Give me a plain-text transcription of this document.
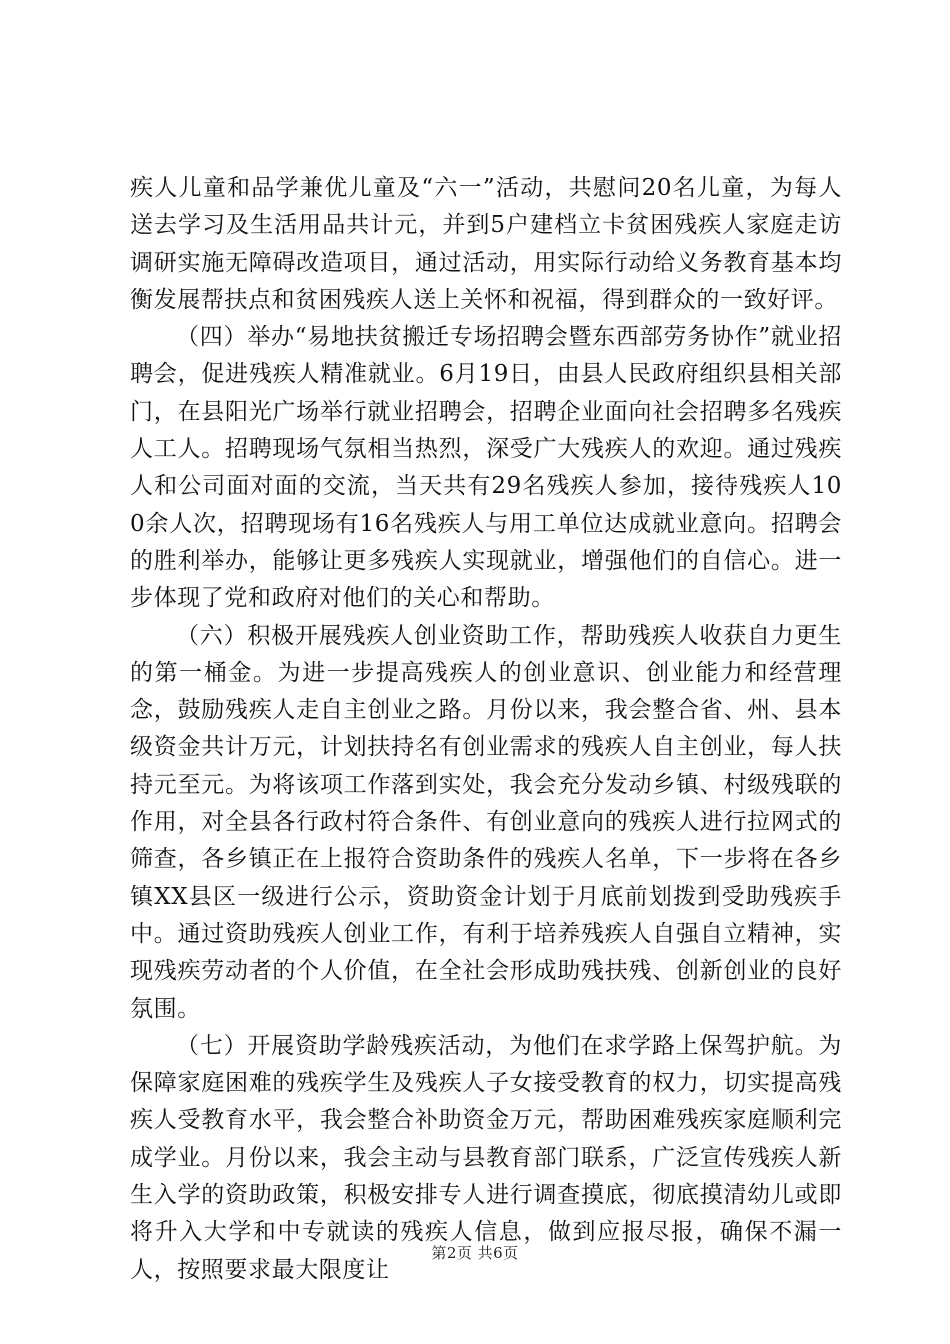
疾人儿童和品学兼优儿童及“六一”活动，共慰问20名儿童，为每人送去学习及生活用品共计元，并到5户建档立卡贫困残疾人家庭走访调研实施无障碍改造项目，通过活动，用实际行动给义务教育基本均衡发展帮扶点和贫困残疾人送上关怀和祝福，得到群众的一致好评。

（四）举办“易地扶贫搬迁专场招聘会暨东西部劳务协作”就业招聘会，促进残疾人精准就业。6月19日，由县人民政府组织县相关部门，在县阳光广场举行就业招聘会，招聘企业面向社会招聘多名残疾人工人。招聘现场气氛相当热烈，深受广大残疾人的欢迎。通过残疾人和公司面对面的交流，当天共有29名残疾人参加，接待残疾人100余人次，招聘现场有16名残疾人与用工单位达成就业意向。招聘会的胜利举办，能够让更多残疾人实现就业，增强他们的自信心。进一步体现了党和政府对他们的关心和帮助。

（六）积极开展残疾人创业资助工作，帮助残疾人收获自力更生的第一桶金。为进一步提高残疾人的创业意识、创业能力和经营理念，鼓励残疾人走自主创业之路。月份以来，我会整合省、州、县本级资金共计万元，计划扶持名有创业需求的残疾人自主创业，每人扶持元至元。为将该项工作落到实处，我会充分发动乡镇、村级残联的作用，对全县各行政村符合条件、有创业意向的残疾人进行拉网式的筛查，各乡镇正在上报符合资助条件的残疾人名单，下一步将在各乡镇XX县区一级进行公示，资助资金计划于月底前划拨到受助残疾手中。通过资助残疾人创业工作，有利于培养残疾人自强自立精神，实现残疾劳动者的个人价值，在全社会形成助残扶残、创新创业的良好氛围。

（七）开展资助学龄残疾活动，为他们在求学路上保驾护航。为保障家庭困难的残疾学生及残疾人子女接受教育的权力，切实提高残疾人受教育水平，我会整合补助资金万元，帮助困难残疾家庭顺利完成学业。月份以来，我会主动与县教育部门联系，广泛宣传残疾人新生入学的资助政策，积极安排专人进行调查摸底，彻底摸清幼儿或即将升入大学和中专就读的残疾人信息，做到应报尽报，确保不漏一人，按照要求最大限度让

第2页 共6页
